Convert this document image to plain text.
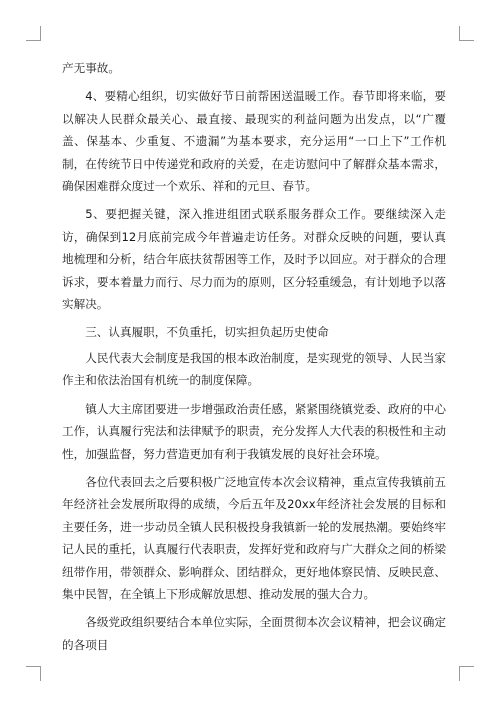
产无事故。

4、要精心组织，切实做好节日前帮困送温暖工作。春节即将来临，要以解决人民群众最关心、最直接、最现实的利益问题为出发点，以“广覆盖、保基本、少重复、不遗漏”为基本要求，充分运用“一口上下”工作机制，在传统节日中传递党和政府的关爱，在走访慰问中了解群众基本需求，确保困难群众度过一个欢乐、祥和的元旦、春节。

5、要把握关键，深入推进组团式联系服务群众工作。要继续深入走访，确保到12月底前完成今年普遍走访任务。对群众反映的问题，要认真地梳理和分析，结合年底扶贫帮困等工作，及时予以回应。对于群众的合理诉求，要本着量力而行、尽力而为的原则，区分轻重缓急，有计划地予以落实解决。

三、认真履职，不负重托，切实担负起历史使命

人民代表大会制度是我国的根本政治制度，是实现党的领导、人民当家作主和依法治国有机统一的制度保障。

镇人大主席团要进一步增强政治责任感，紧紧围绕镇党委、政府的中心工作，认真履行宪法和法律赋予的职责，充分发挥人大代表的积极性和主动性，加强监督，努力营造更加有利于我镇发展的良好社会环境。

各位代表回去之后要积极广泛地宣传本次会议精神，重点宣传我镇前五年经济社会发展所取得的成绩，今后五年及20xx年经济社会发展的目标和主要任务，进一步动员全镇人民积极投身我镇新一轮的发展热潮。要始终牢记人民的重托，认真履行代表职责，发挥好党和政府与广大群众之间的桥梁纽带作用，带领群众、影响群众、团结群众，更好地体察民情、反映民意、集中民智，在全镇上下形成解放思想、推动发展的强大合力。

各级党政组织要结合本单位实际，全面贯彻本次会议精神，把会议确定的各项目
